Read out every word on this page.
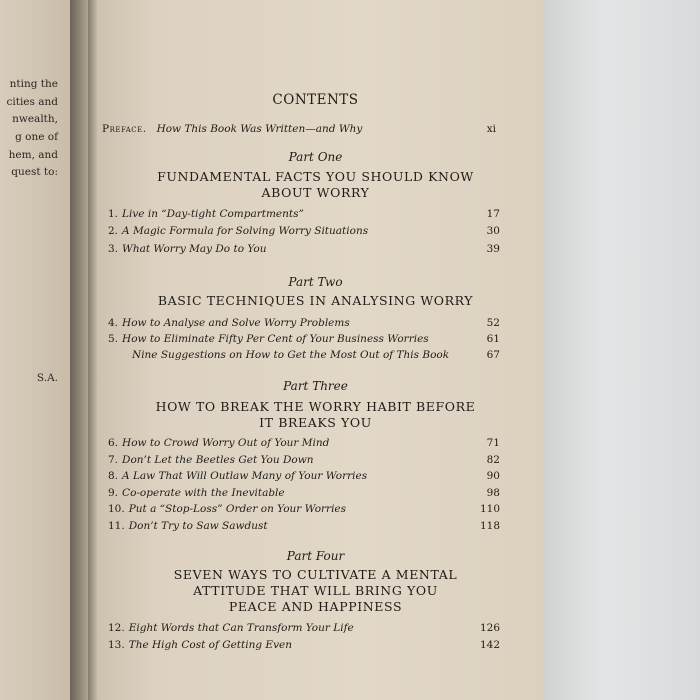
nting the
cities and
nwealth,
g one of
hem, and
quest to:
S.A.
CONTENTS
Preface. How This Book Was Written—and Why	xi
Part One
FUNDAMENTAL FACTS YOU SHOULD KNOW
ABOUT WORRY
1. Live in “Day-tight Compartments”	17
2. A Magic Formula for Solving Worry Situations	30
3. What Worry May Do to You	39
Part Two
BASIC TECHNIQUES IN ANALYSING WORRY
4. How to Analyse and Solve Worry Problems	52
5. How to Eliminate Fifty Per Cent of Your Business Worries	61
Nine Suggestions on How to Get the Most Out of This Book	67
Part Three
HOW TO BREAK THE WORRY HABIT BEFORE
IT BREAKS YOU
6. How to Crowd Worry Out of Your Mind	71
7. Don’t Let the Beetles Get You Down	82
8. A Law That Will Outlaw Many of Your Worries	90
9. Co-operate with the Inevitable	98
10. Put a “Stop-Loss” Order on Your Worries	110
11. Don’t Try to Saw Sawdust	118
Part Four
SEVEN WAYS TO CULTIVATE A MENTAL
ATTITUDE THAT WILL BRING YOU
PEACE AND HAPPINESS
12. Eight Words that Can Transform Your Life	126
13. The High Cost of Getting Even	142
